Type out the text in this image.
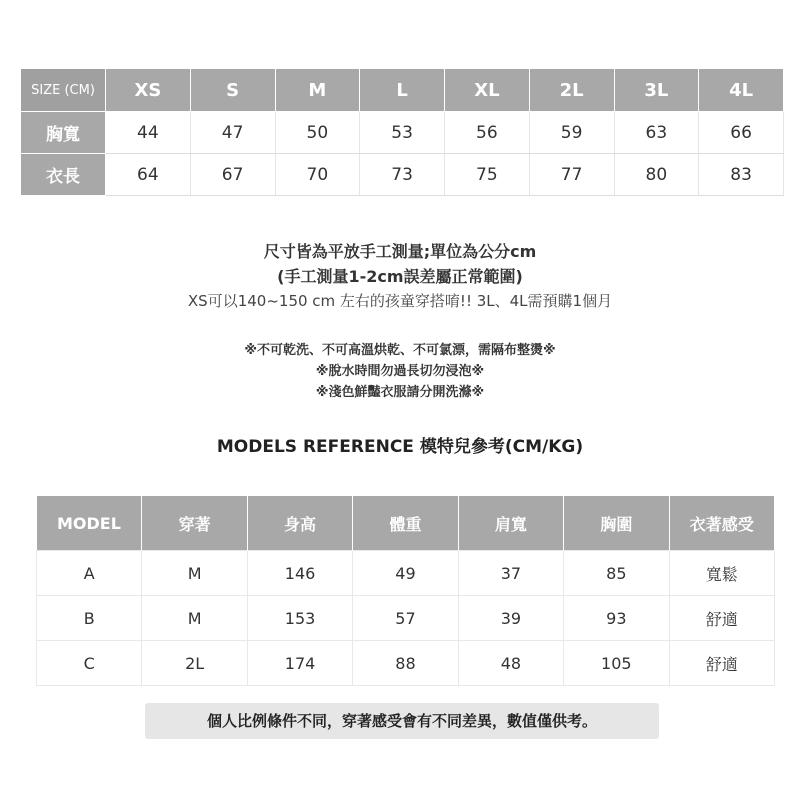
SIZE (CM)	XS	S	M	L	XL	2L	3L	4L
胸寬	44	47	50	53	56	59	63	66
衣長	64	67	70	73	75	77	80	83
尺寸皆為平放手工測量;單位為公分cm
(手工測量1-2cm誤差屬正常範圍)
XS可以140~150 cm 左右的孩童穿搭唷!! 3L、4L需預購1個月
※不可乾洗、不可高溫烘乾、不可氯漂，需隔布整燙※
※脫水時間勿過長切勿浸泡※
※淺色鮮豔衣服請分開洗滌※
MODELS REFERENCE 模特兒參考(CM/KG)
MODEL	穿著	身高	體重	肩寬	胸圍	衣著感受
A	M	146	49	37	85	寬鬆
B	M	153	57	39	93	舒適
C	2L	174	88	48	105	舒適
個人比例條件不同，穿著感受會有不同差異，數值僅供考。
